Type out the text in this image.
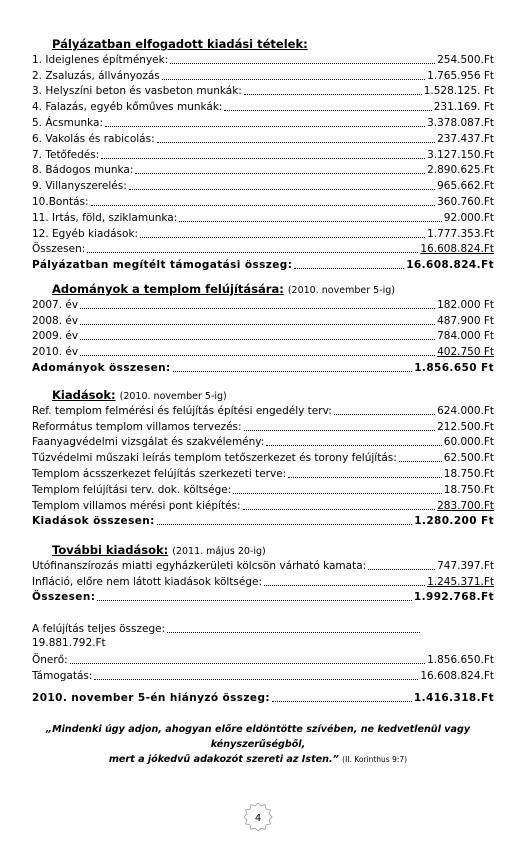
Pályázatban elfogadott kiadási tételek:
1. Ideiglenes építmények:	254.500.Ft
2. Zsaluzás, állványozás	1.765.956 Ft
3. Helyszíni beton és vasbeton munkák:	1.528.125. Ft
4. Falazás, egyéb kőműves munkák:	231.169. Ft
5. Ácsmunka:	3.378.087.Ft
6. Vakolás és rabicolás:	237.437.Ft
7. Tetőfedés:	3.127.150.Ft
8. Bádogos munka:	2.890.625.Ft
9. Villanyszerelés:	965.662.Ft
10.Bontás:	360.760.Ft
11. Irtás, föld, sziklamunka:	92.000.Ft
12. Egyéb kiadások:	1.777.353.Ft
Összesen:	16.608.824.Ft
Pályázatban megítélt támogatási összeg:	16.608.824.Ft
Adományok a templom felújítására: (2010. november 5-ig)
2007. év	182.000 Ft
2008. év	487.900 Ft
2009. év	784.000 Ft
2010. év	402.750 Ft
Adományok összesen:	1.856.650 Ft
Kiadások: (2010. november 5-ig)
Ref. templom felmérési és felújítás építési engedély terv:	624.000.Ft
Református templom villamos tervezés:	212.500.Ft
Faanyagvédelmi vizsgálat és szakvélemény:	60.000.Ft
Tűzvédelmi műszaki leírás templom tetőszerkezet és torony felújítás:	62.500.Ft
Templom ácsszerkezet felújítás szerkezeti terve:	18.750.Ft
Templom felújítási terv. dok. költsége:	18.750.Ft
Templom villamos mérési pont kiépítés:	283.700.Ft
Kiadások összesen:	1.280.200 Ft
További kiadások: (2011. május 20-ig)
Utófinanszírozás miatti egyházkerületi kölcsön várható kamata:	747.397.Ft
Infláció, előre nem látott kiadások költsége:	1.245.371.Ft
Összesen:	1.992.768.Ft
A felújítás teljes összege:
19.881.792.Ft
Önerő:	1.856.650.Ft
Támogatás:	16.608.824.Ft
2010. november 5-én hiányzó összeg:	1.416.318.Ft
„Mindenki úgy adjon, ahogyan előre eldöntötte szívében, ne kedvetlenül vagy kényszerűségből,
mert a jókedvű adakozót szereti az Isten.” (II. Korinthus 9:7)
4
